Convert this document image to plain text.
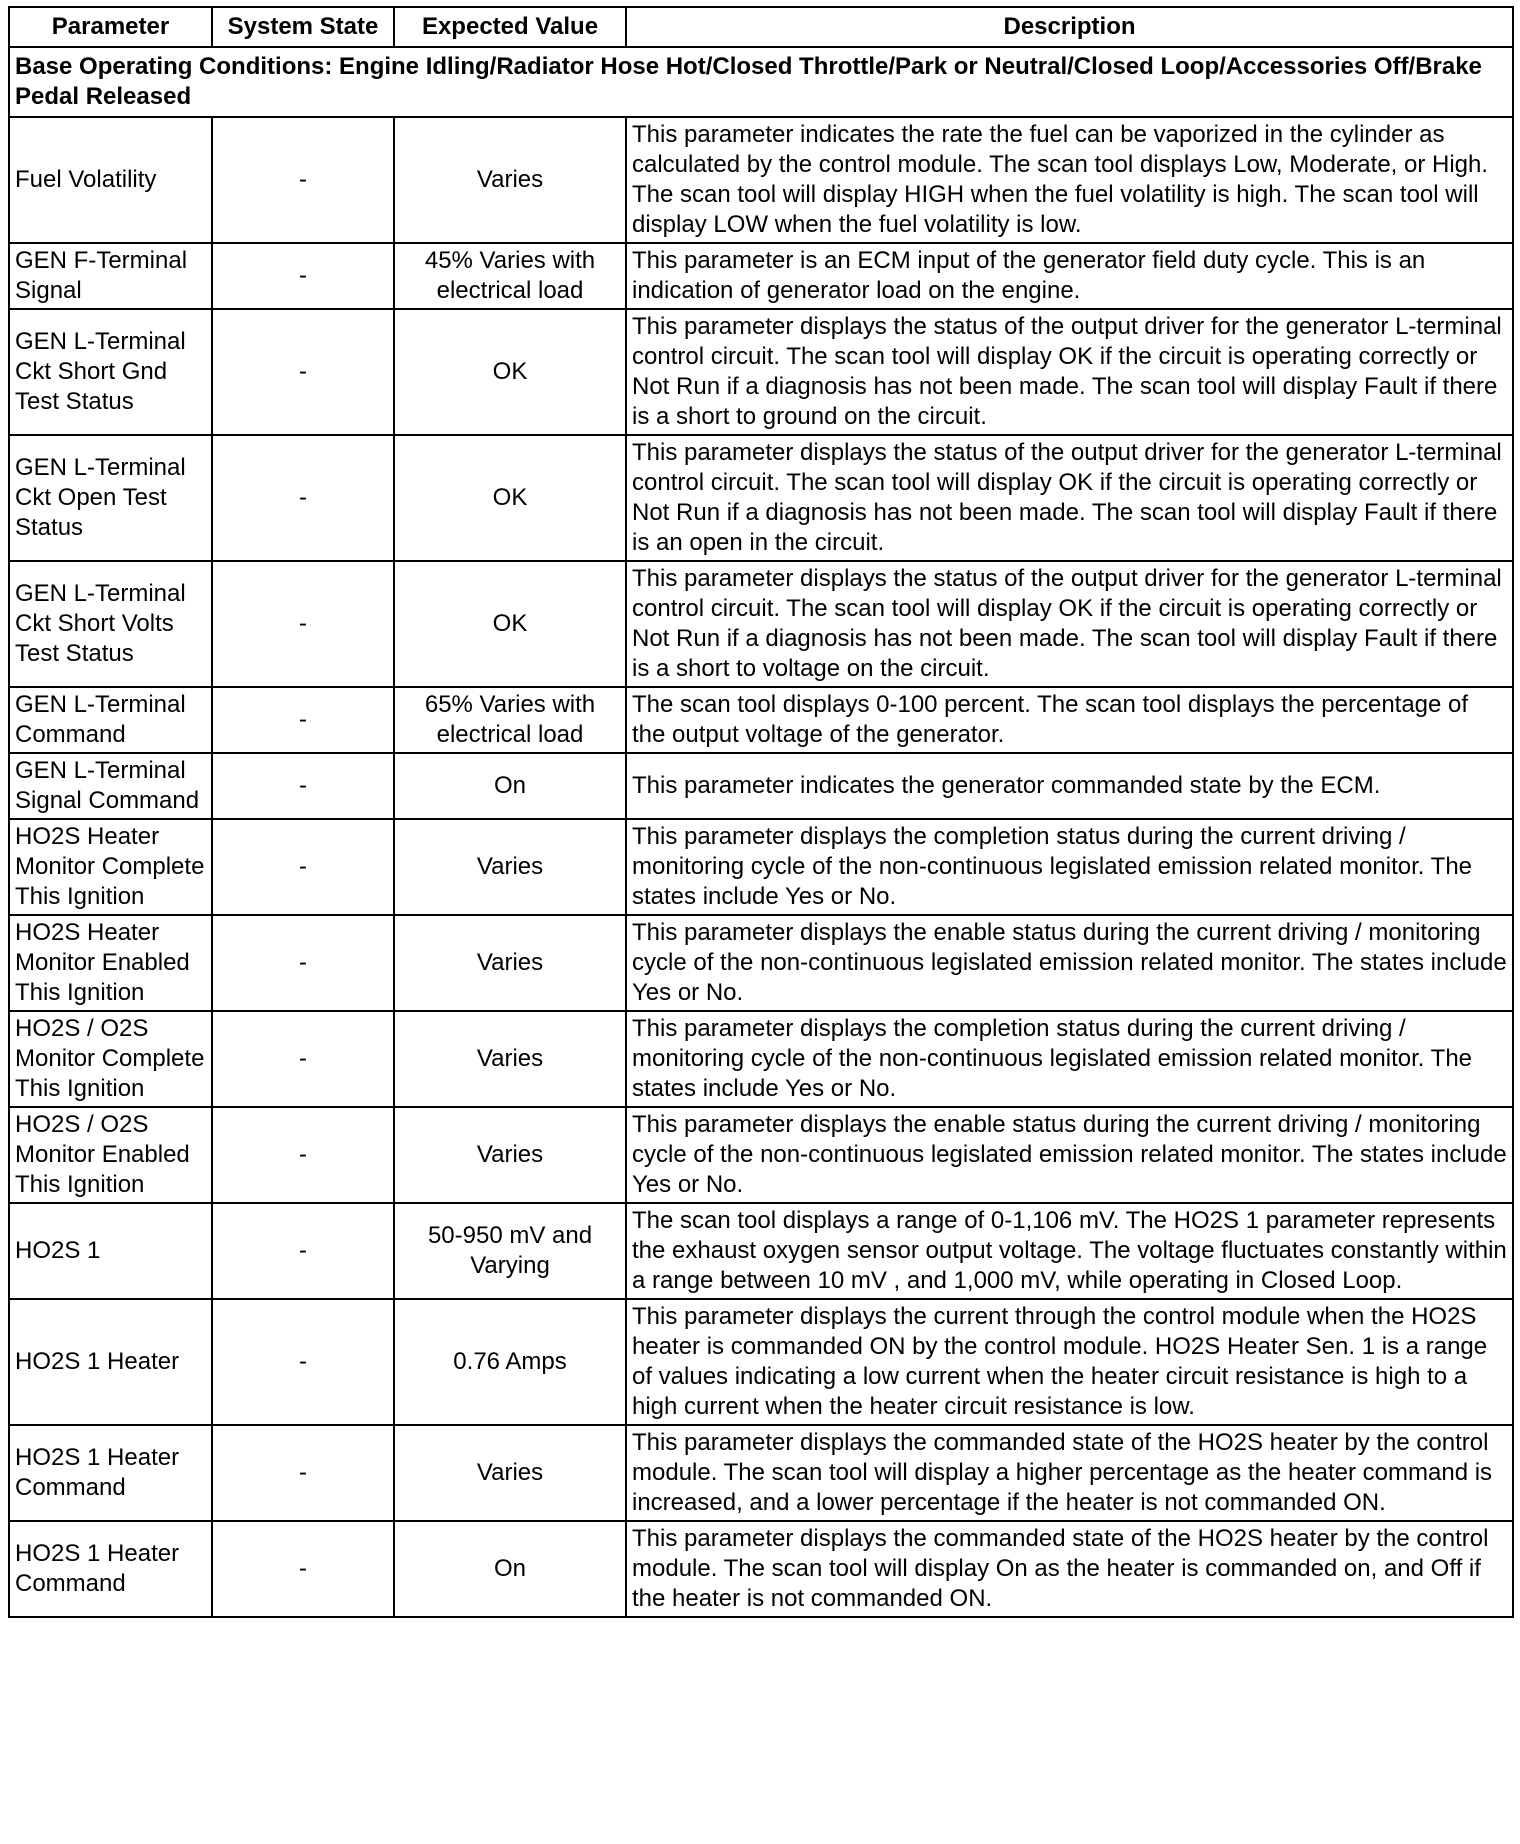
Parameter	System State	Expected Value	Description
Base Operating Conditions: Engine Idling/Radiator Hose Hot/Closed Throttle/Park or Neutral/Closed Loop/Accessories Off/Brake Pedal Released			
Fuel Volatility	-	Varies	This parameter indicates the rate the fuel can be vaporized in the cylinder as calculated by the control module. The scan tool displays Low, Moderate, or High. The scan tool will display HIGH when the fuel volatility is high. The scan tool will display LOW when the fuel volatility is low.
GEN F-Terminal Signal	-	45% Varies with electrical load	This parameter is an ECM input of the generator field duty cycle. This is an indication of generator load on the engine.
GEN L-Terminal Ckt Short Gnd Test Status	-	OK	This parameter displays the status of the output driver for the generator L-terminal control circuit. The scan tool will display OK if the circuit is operating correctly or Not Run if a diagnosis has not been made. The scan tool will display Fault if there is a short to ground on the circuit.
GEN L-Terminal Ckt Open Test Status	-	OK	This parameter displays the status of the output driver for the generator L-terminal control circuit. The scan tool will display OK if the circuit is operating correctly or Not Run if a diagnosis has not been made. The scan tool will display Fault if there is an open in the circuit.
GEN L-Terminal Ckt Short Volts Test Status	-	OK	This parameter displays the status of the output driver for the generator L-terminal control circuit. The scan tool will display OK if the circuit is operating correctly or Not Run if a diagnosis has not been made. The scan tool will display Fault if there is a short to voltage on the circuit.
GEN L-Terminal Command	-	65% Varies with electrical load	The scan tool displays 0-100 percent. The scan tool displays the percentage of the output voltage of the generator.
GEN L-Terminal Signal Command	-	On	This parameter indicates the generator commanded state by the ECM.
HO2S Heater Monitor Complete This Ignition	-	Varies	This parameter displays the completion status during the current driving / monitoring cycle of the non-continuous legislated emission related monitor. The states include Yes or No.
HO2S Heater Monitor Enabled This Ignition	-	Varies	This parameter displays the enable status during the current driving / monitoring cycle of the non-continuous legislated emission related monitor. The states include Yes or No.
HO2S / O2S Monitor Complete This Ignition	-	Varies	This parameter displays the completion status during the current driving / monitoring cycle of the non-continuous legislated emission related monitor. The states include Yes or No.
HO2S / O2S Monitor Enabled This Ignition	-	Varies	This parameter displays the enable status during the current driving / monitoring cycle of the non-continuous legislated emission related monitor. The states include Yes or No.
HO2S 1	-	50-950 mV and Varying	The scan tool displays a range of 0-1,106 mV. The HO2S 1 parameter represents the exhaust oxygen sensor output voltage. The voltage fluctuates constantly within a range between 10 mV , and 1,000 mV, while operating in Closed Loop.
HO2S 1 Heater	-	0.76 Amps	This parameter displays the current through the control module when the HO2S heater is commanded ON by the control module. HO2S Heater Sen. 1 is a range of values indicating a low current when the heater circuit resistance is high to a high current when the heater circuit resistance is low.
HO2S 1 Heater Command	-	Varies	This parameter displays the commanded state of the HO2S heater by the control module. The scan tool will display a higher percentage as the heater command is increased, and a lower percentage if the heater is not commanded ON.
HO2S 1 Heater Command	-	On	This parameter displays the commanded state of the HO2S heater by the control module. The scan tool will display On as the heater is commanded on, and Off if the heater is not commanded ON.
